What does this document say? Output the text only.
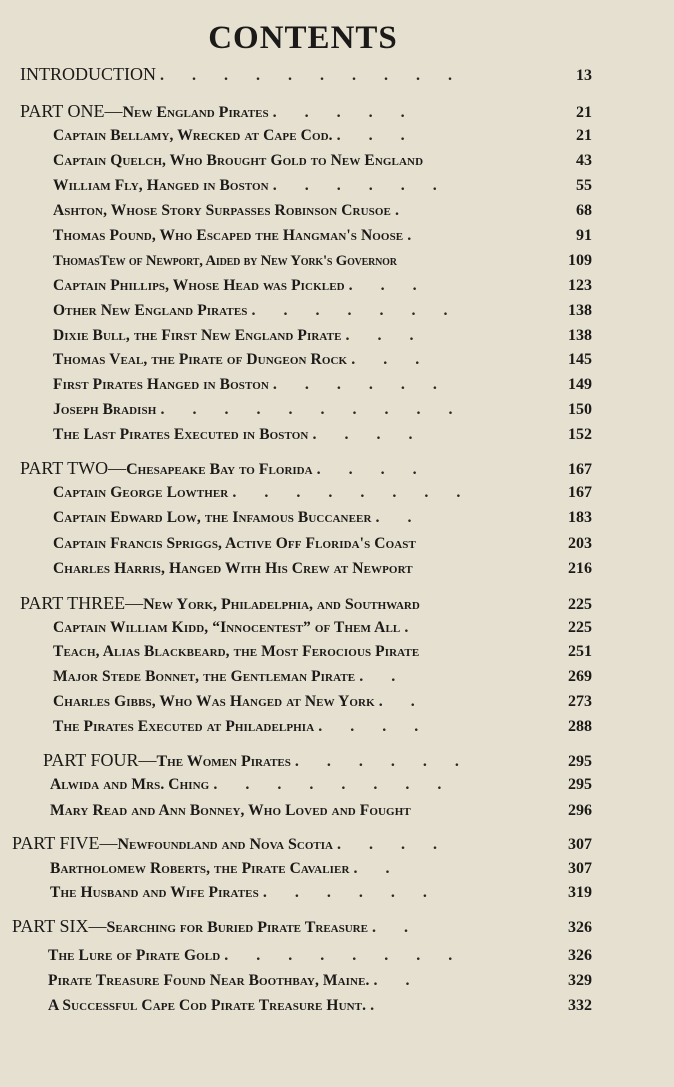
CONTENTS
INTRODUCTION . . . . . . . . . .	13
PART ONE—New England Pirates . . . . .	21
Captain Bellamy, Wrecked at Cape Cod. . . .	21
Captain Quelch, Who Brought Gold to New England	43
William Fly, Hanged in Boston . . . . . .	55
Ashton, Whose Story Surpasses Robinson Crusoe .	68
Thomas Pound, Who Escaped the Hangman's Noose .	91
ThomasTew of Newport, Aided by New York's Governor	109
Captain Phillips, Whose Head was Pickled . . .	123
Other New England Pirates . . . . . . .	138
Dixie Bull, the First New England Pirate . . .	138
Thomas Veal, the Pirate of Dungeon Rock . . .	145
First Pirates Hanged in Boston . . . . . .	149
Joseph Bradish . . . . . . . . . .	150
The Last Pirates Executed in Boston . . . .	152
PART TWO—Chesapeake Bay to Florida . . . .	167
Captain George Lowther . . . . . . . .	167
Captain Edward Low, the Infamous Buccaneer . .	183
Captain Francis Spriggs, Active Off Florida's Coast	203
Charles Harris, Hanged With His Crew at Newport	216
PART THREE—New York, Philadelphia, and Southward	225
Captain William Kidd, “Innocentest” of Them All .	225
Teach, Alias Blackbeard, the Most Ferocious Pirate	251
Major Stede Bonnet, the Gentleman Pirate . .	269
Charles Gibbs, Who Was Hanged at New York . .	273
The Pirates Executed at Philadelphia . . . .	288
PART FOUR—The Women Pirates . . . . . .	295
Alwida and Mrs. Ching . . . . . . . .	295
Mary Read and Ann Bonney, Who Loved and Fought	296
PART FIVE—Newfoundland and Nova Scotia . . . .	307
Bartholomew Roberts, the Pirate Cavalier . .	307
The Husband and Wife Pirates . . . . . .	319
PART SIX—Searching for Buried Pirate Treasure . .	326
The Lure of Pirate Gold . . . . . . . .	326
Pirate Treasure Found Near Boothbay, Maine. . .	329
A Successful Cape Cod Pirate Treasure Hunt. .	332
